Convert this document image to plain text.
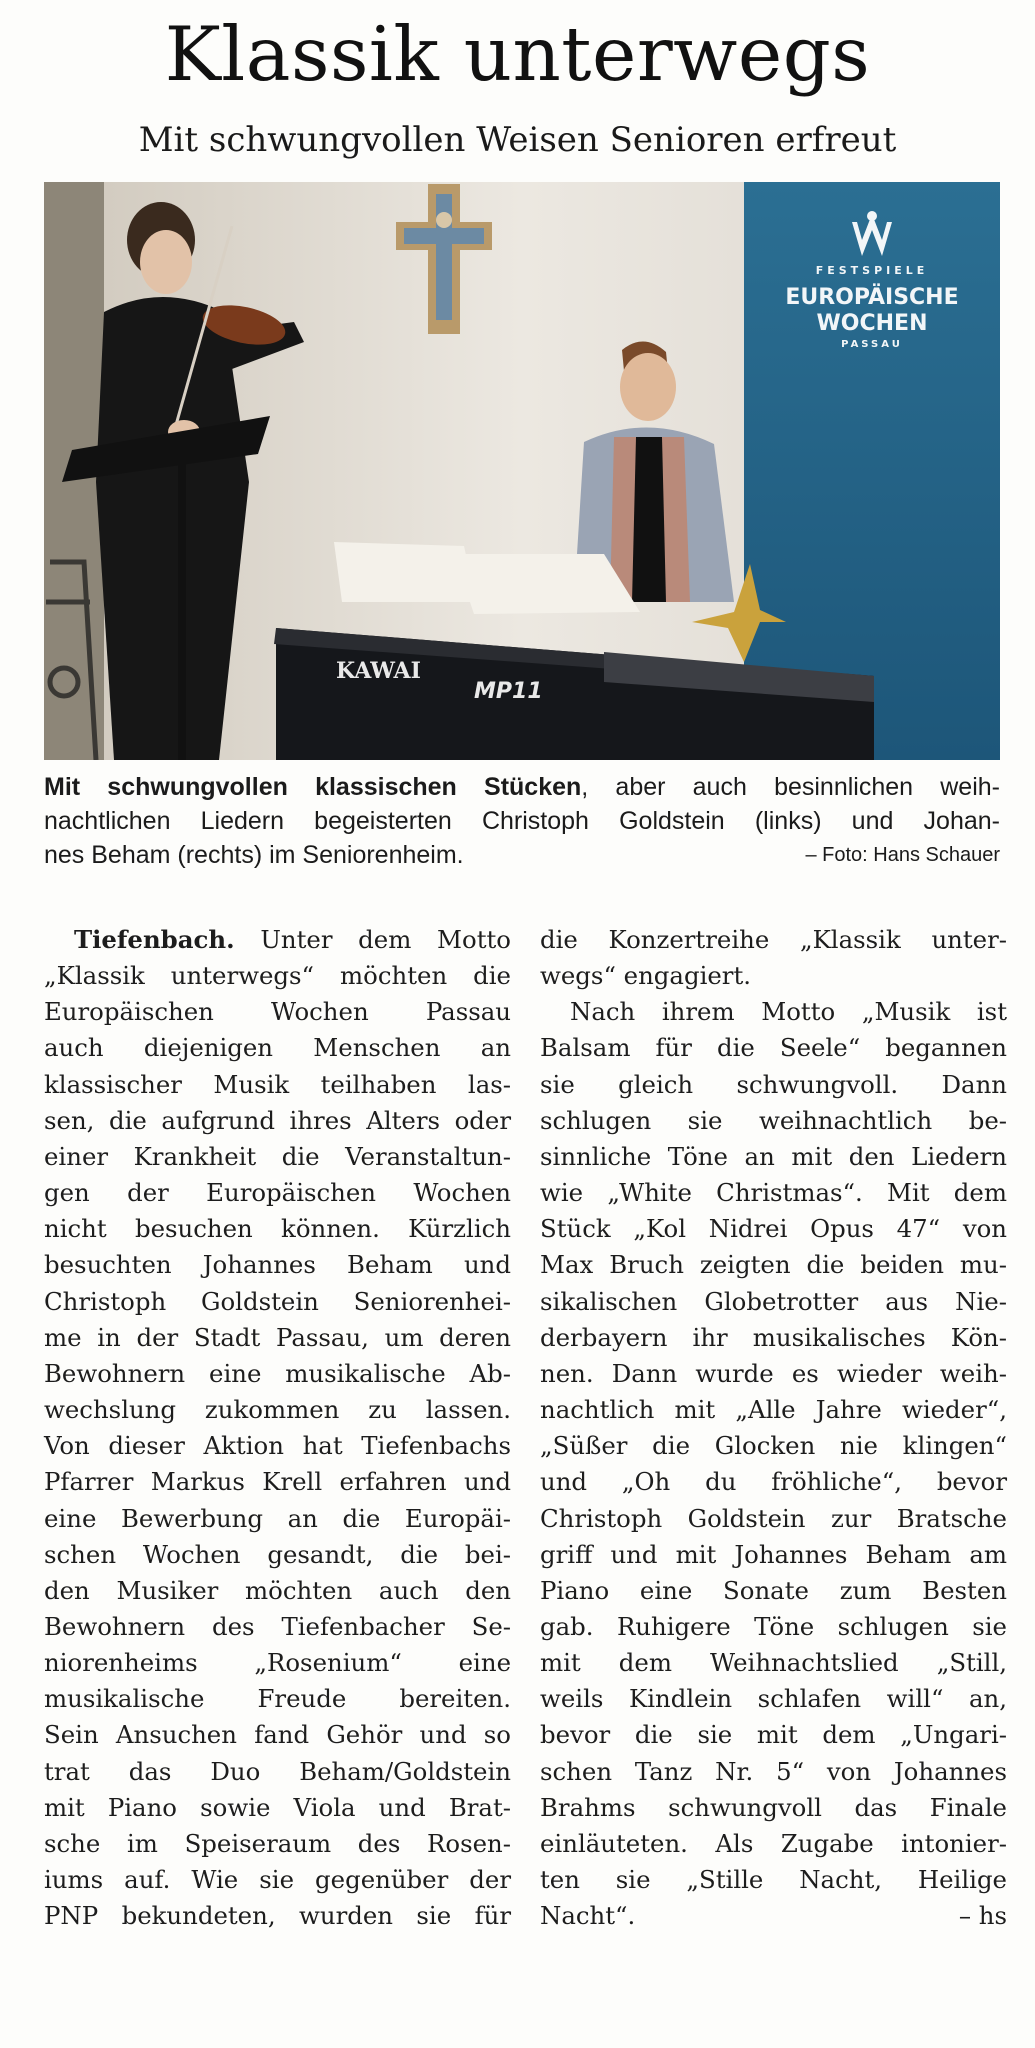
Klassik unterwegs
Mit schwungvollen Weisen Senioren erfreut
FESTSPIELE
EUROPÄISCHE
WOCHEN
PASSAU
KAWAI
MP11
Mit schwungvollen klassischen Stücken, aber auch besinnlichen weih-
nachtlichen Liedern begeisterten Christoph Goldstein (links) und Johan-
nes Beham (rechts) im Seniorenheim.	– Foto: Hans Schauer
Tiefenbach. Unter dem Motto
„Klassik unterwegs“ möchten die
Europäischen Wochen Passau
auch diejenigen Menschen an
klassischer Musik teilhaben las-
sen, die aufgrund ihres Alters oder
einer Krankheit die Veranstaltun-
gen der Europäischen Wochen
nicht besuchen können. Kürzlich
besuchten Johannes Beham und
Christoph Goldstein Seniorenhei-
me in der Stadt Passau, um deren
Bewohnern eine musikalische Ab-
wechslung zukommen zu lassen.
Von dieser Aktion hat Tiefenbachs
Pfarrer Markus Krell erfahren und
eine Bewerbung an die Europäi-
schen Wochen gesandt, die bei-
den Musiker möchten auch den
Bewohnern des Tiefenbacher Se-
niorenheims „Rosenium“ eine
musikalische Freude bereiten.
Sein Ansuchen fand Gehör und so
trat das Duo Beham/Goldstein
mit Piano sowie Viola und Brat-
sche im Speiseraum des Rosen-
iums auf. Wie sie gegenüber der
PNP bekundeten, wurden sie für
die Konzertreihe „Klassik unter-
wegs“ engagiert.
Nach ihrem Motto „Musik ist
Balsam für die Seele“ begannen
sie gleich schwungvoll. Dann
schlugen sie weihnachtlich be-
sinnliche Töne an mit den Liedern
wie „White Christmas“. Mit dem
Stück „Kol Nidrei Opus 47“ von
Max Bruch zeigten die beiden mu-
sikalischen Globetrotter aus Nie-
derbayern ihr musikalisches Kön-
nen. Dann wurde es wieder weih-
nachtlich mit „Alle Jahre wieder“,
„Süßer die Glocken nie klingen“
und „Oh du fröhliche“, bevor
Christoph Goldstein zur Bratsche
griff und mit Johannes Beham am
Piano eine Sonate zum Besten
gab. Ruhigere Töne schlugen sie
mit dem Weihnachtslied „Still,
weils Kindlein schlafen will“ an,
bevor die sie mit dem „Ungari-
schen Tanz Nr. 5“ von Johannes
Brahms schwungvoll das Finale
einläuteten. Als Zugabe intonier-
ten sie „Stille Nacht, Heilige
Nacht“.	– hs
